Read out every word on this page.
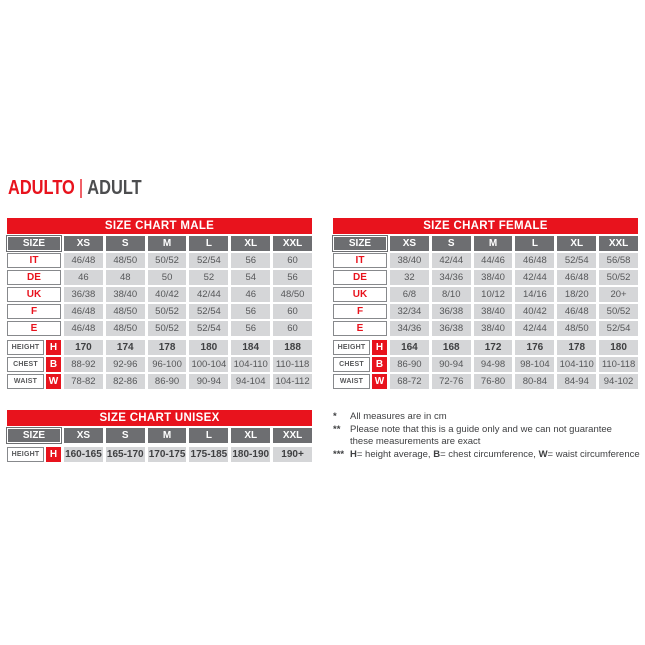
ADULTO | ADULT
SIZE CHART MALE
SIZE	XS	S	M	L	XL	XXL
IT	46/48	48/50	50/52	52/54	56	60
DE	46	48	50	52	54	56
UK	36/38	38/40	40/42	42/44	46	48/50
F	46/48	48/50	50/52	52/54	56	60
E	46/48	48/50	50/52	52/54	56	60
HEIGHT	H	170	174	178	180	184	188
CHEST	B	88-92	92-96	96-100	100-104 104-110 110-118
WAIST	W	78-82	82-86	86-90	90-94	94-104	104-112
SIZE CHART FEMALE
SIZE	XS	S	M	L	XL	XXL
IT	38/40	42/44	44/46	46/48	52/54	56/58
DE	32	34/36	38/40	42/44	46/48	50/52
UK	6/8	8/10	10/12	14/16	18/20	20+
F	32/34	36/38	38/40	40/42	46/48	50/52
E	34/36	36/38	38/40	42/44	48/50	52/54
HEIGHT	H	164	168	172	176	178	180
CHEST	B	86-90	90-94	94-98	98-104	104-110 110-118
WAIST	W	68-72	72-76	76-80	80-84	84-94	94-102
SIZE CHART UNISEX
SIZE	XS	S	M	L	XL	XXL
HEIGHT	H 160-165 165-170 170-175 175-185 180-190	190+
*	All measures are in cm
**	Please note that this is a guide only and we can not guarantee
these measurements are exact
*** H= height average, B= chest circumference, W= waist circumference
